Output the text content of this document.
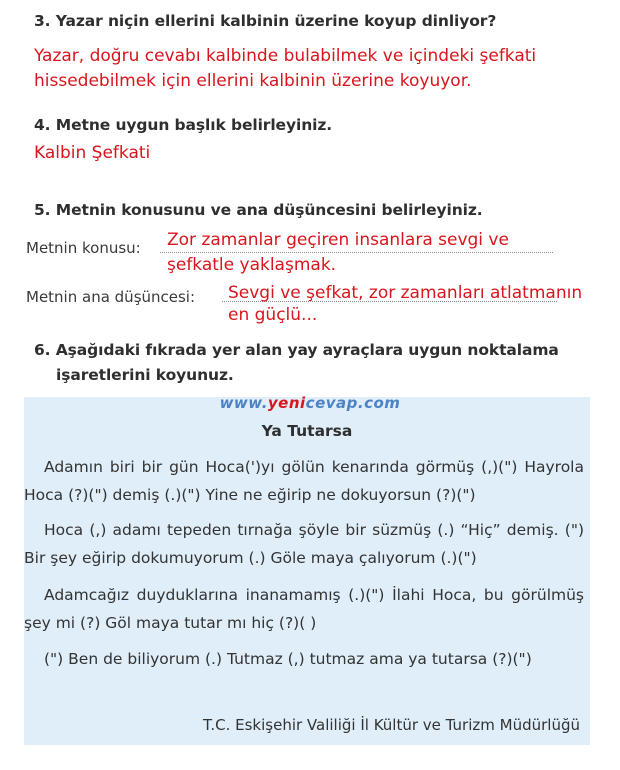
3. Yazar niçin ellerini kalbinin üzerine koyup dinliyor?
Yazar, doğru cevabı kalbinde bulabilmek ve içindeki şefkati
hissedebilmek için ellerini kalbinin üzerine koyuyor.
4. Metne uygun başlık belirleyiniz.
Kalbin Şefkati
5. Metnin konusunu ve ana düşüncesini belirleyiniz.
Metnin konusu: Zor zamanlar geçiren insanlara sevgi ve
şefkatle yaklaşmak.
Metnin ana düşüncesi: Sevgi ve şefkat, zor zamanları atlatmanın
en güçlü...
6. Aşağıdaki fıkrada yer alan yay ayraçlara uygun noktalama
işaretlerini koyunuz.
www.yenicevap.com
Ya Tutarsa

Adamın biri bir gün Hoca(')yı gölün kenarında görmüş (,)(") Hayrola Hoca (?)(") demiş (.)(") Yine ne eğirip ne dokuyorsun (?)(")

Hoca (,) adamı tepeden tırnağa şöyle bir süzmüş (.) “Hiç” demiş. (") Bir şey eğirip dokumuyorum (.) Göle maya çalıyorum (.)(")

Adamcağız duyduklarına inanamamış (.)(") İlahi Hoca, bu görülmüş şey mi (?) Göl maya tutar mı hiç (?)( )

(") Ben de biliyorum (.) Tutmaz (,) tutmaz ama ya tutarsa (?)(")

T.C. Eskişehir Valiliği İl Kültür ve Turizm Müdürlüğü
